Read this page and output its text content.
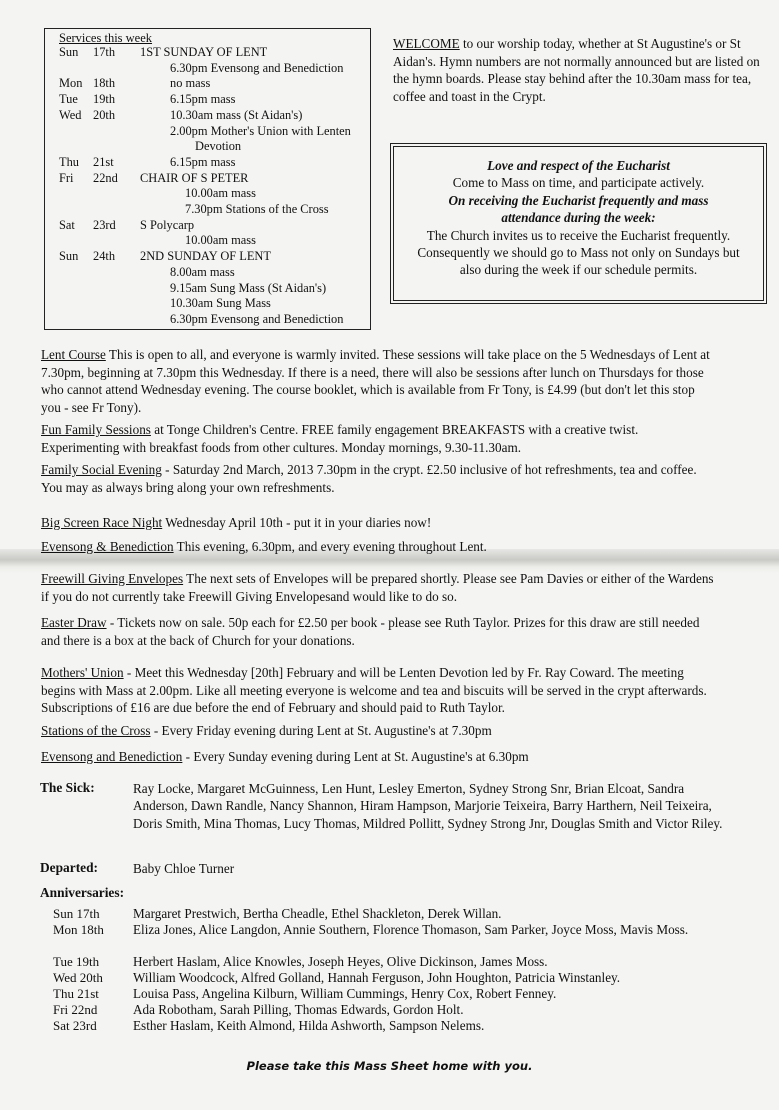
Services this week
Sun 17th 1ST SUNDAY OF LENT
6.30pm Evensong and Benediction
Mon 18th	no mass
Tue 19th	6.15pm mass
Wed 20th	10.30am mass (St Aidan's)
2.00pm Mother's Union with Lenten
Devotion
Thu 21st	6.15pm mass
Fri 22nd CHAIR OF S PETER
10.00am mass
7.30pm Stations of the Cross
Sat 23rd S Polycarp
10.00am mass
Sun 24th 2ND SUNDAY OF LENT
8.00am mass
9.15am Sung Mass (St Aidan's)
10.30am Sung Mass
6.30pm Evensong and Benediction
WELCOME to our worship today, whether at St Augustine's or St Aidan's. Hymn numbers are not normally announced but are listed on the hymn boards. Please stay behind after the 10.30am mass for tea, coffee and toast in the Crypt.
Love and respect of the Eucharist
Come to Mass on time, and participate actively.
On receiving the Eucharist frequently and mass attendance during the week:
The Church invites us to receive the Eucharist frequently. Consequently we should go to Mass not only on Sundays but also during the week if our schedule permits.
Lent Course This is open to all, and everyone is warmly invited. These sessions will take place on the 5 Wednesdays of Lent at 7.30pm, beginning at 7.30pm this Wednesday. If there is a need, there will also be sessions after lunch on Thursdays for those who cannot attend Wednesday evening. The course booklet, which is available from Fr Tony, is £4.99 (but don't let this stop you - see Fr Tony).
Fun Family Sessions at Tonge Children's Centre. FREE family engagement BREAKFASTS with a creative twist. Experimenting with breakfast foods from other cultures. Monday mornings, 9.30-11.30am.
Family Social Evening - Saturday 2nd March, 2013 7.30pm in the crypt. £2.50 inclusive of hot refreshments, tea and coffee. You may as always bring along your own refreshments.
Big Screen Race Night Wednesday April 10th - put it in your diaries now!
Evensong & Benediction This evening, 6.30pm, and every evening throughout Lent.
Freewill Giving Envelopes The next sets of Envelopes will be prepared shortly. Please see Pam Davies or either of the Wardens if you do not currently take Freewill Giving Envelopesand would like to do so.
Easter Draw - Tickets now on sale. 50p each for £2.50 per book - please see Ruth Taylor. Prizes for this draw are still needed and there is a box at the back of Church for your donations.
Mothers' Union - Meet this Wednesday [20th] February and will be Lenten Devotion led by Fr. Ray Coward. The meeting begins with Mass at 2.00pm. Like all meeting everyone is welcome and tea and biscuits will be served in the crypt afterwards. Subscriptions of £16 are due before the end of February and should paid to Ruth Taylor.
Stations of the Cross - Every Friday evening during Lent at St. Augustine's at 7.30pm
Evensong and Benediction - Every Sunday evening during Lent at St. Augustine's at 6.30pm
The Sick:	Ray Locke, Margaret McGuinness, Len Hunt, Lesley Emerton, Sydney Strong Snr, Brian Elcoat, Sandra Anderson, Dawn Randle, Nancy Shannon, Hiram Hampson, Marjorie Teixeira, Barry Harthern, Neil Teixeira, Doris Smith, Mina Thomas, Lucy Thomas, Mildred Pollitt, Sydney Strong Jnr, Douglas Smith and Victor Riley.
Departed:	Baby Chloe Turner
Anniversaries:
Sun 17th	Margaret Prestwich, Bertha Cheadle, Ethel Shackleton, Derek Willan.
Mon 18th Eliza Jones, Alice Langdon, Annie Southern, Florence Thomason, Sam Parker, Joyce Moss, Mavis Moss.
Tue 19th	Herbert Haslam, Alice Knowles, Joseph Heyes, Olive Dickinson, James Moss.
Wed 20th William Woodcock, Alfred Golland, Hannah Ferguson, John Houghton, Patricia Winstanley.
Thu 21st	Louisa Pass, Angelina Kilburn, William Cummings, Henry Cox, Robert Fenney.
Fri 22nd	Ada Robotham, Sarah Pilling, Thomas Edwards, Gordon Holt.
Sat 23rd	Esther Haslam, Keith Almond, Hilda Ashworth, Sampson Nelems.
Please take this Mass Sheet home with you.
